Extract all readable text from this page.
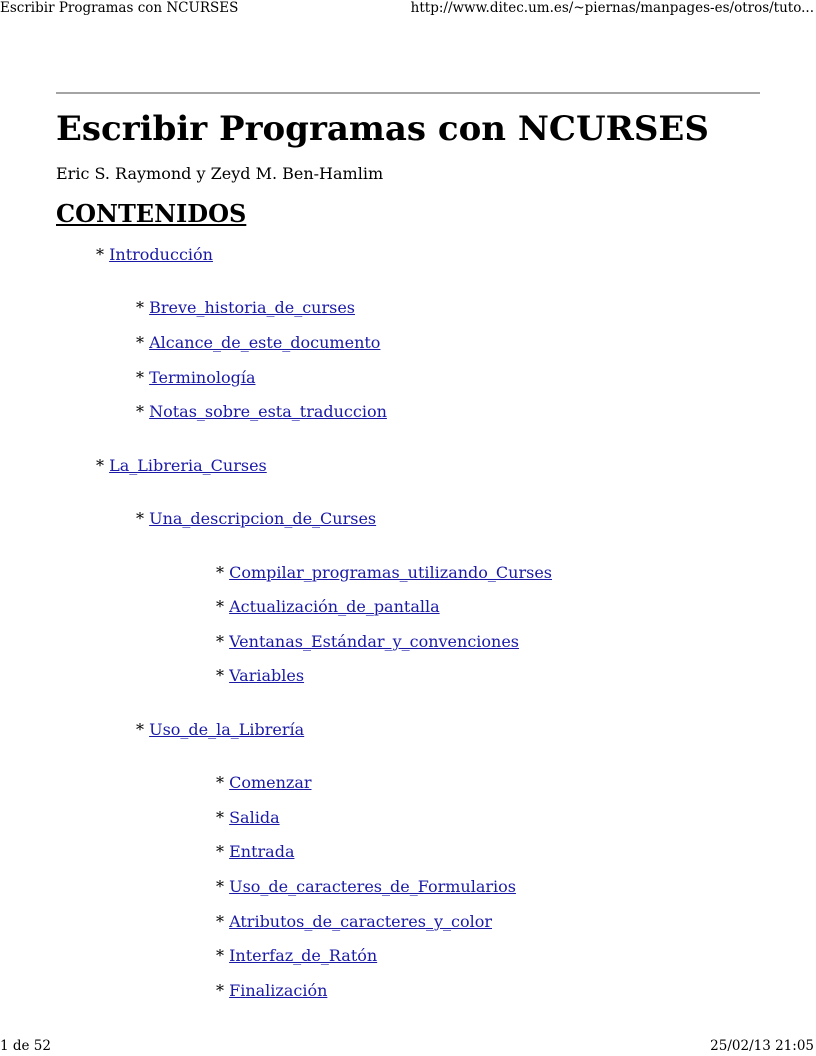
Escribir Programas con NCURSES	http://www.ditec.um.es/~piernas/manpages-es/otros/tuto...
Escribir Programas con NCURSES

Eric S. Raymond y Zeyd M. Ben-Hamlim

CONTENIDOS
* Introducción
* Breve_historia_de_curses
* Alcance_de_este_documento
* Terminología
* Notas_sobre_esta_traduccion
* La_Libreria_Curses
* Una_descripcion_de_Curses
* Compilar_programas_utilizando_Curses
* Actualización_de_pantalla
* Ventanas_Estándar_y_convenciones
* Variables
* Uso_de_la_Librería
* Comenzar
* Salida
* Entrada
* Uso_de_caracteres_de_Formularios
* Atributos_de_caracteres_y_color
* Interfaz_de_Ratón
* Finalización
1 de 52	25/02/13 21:05
